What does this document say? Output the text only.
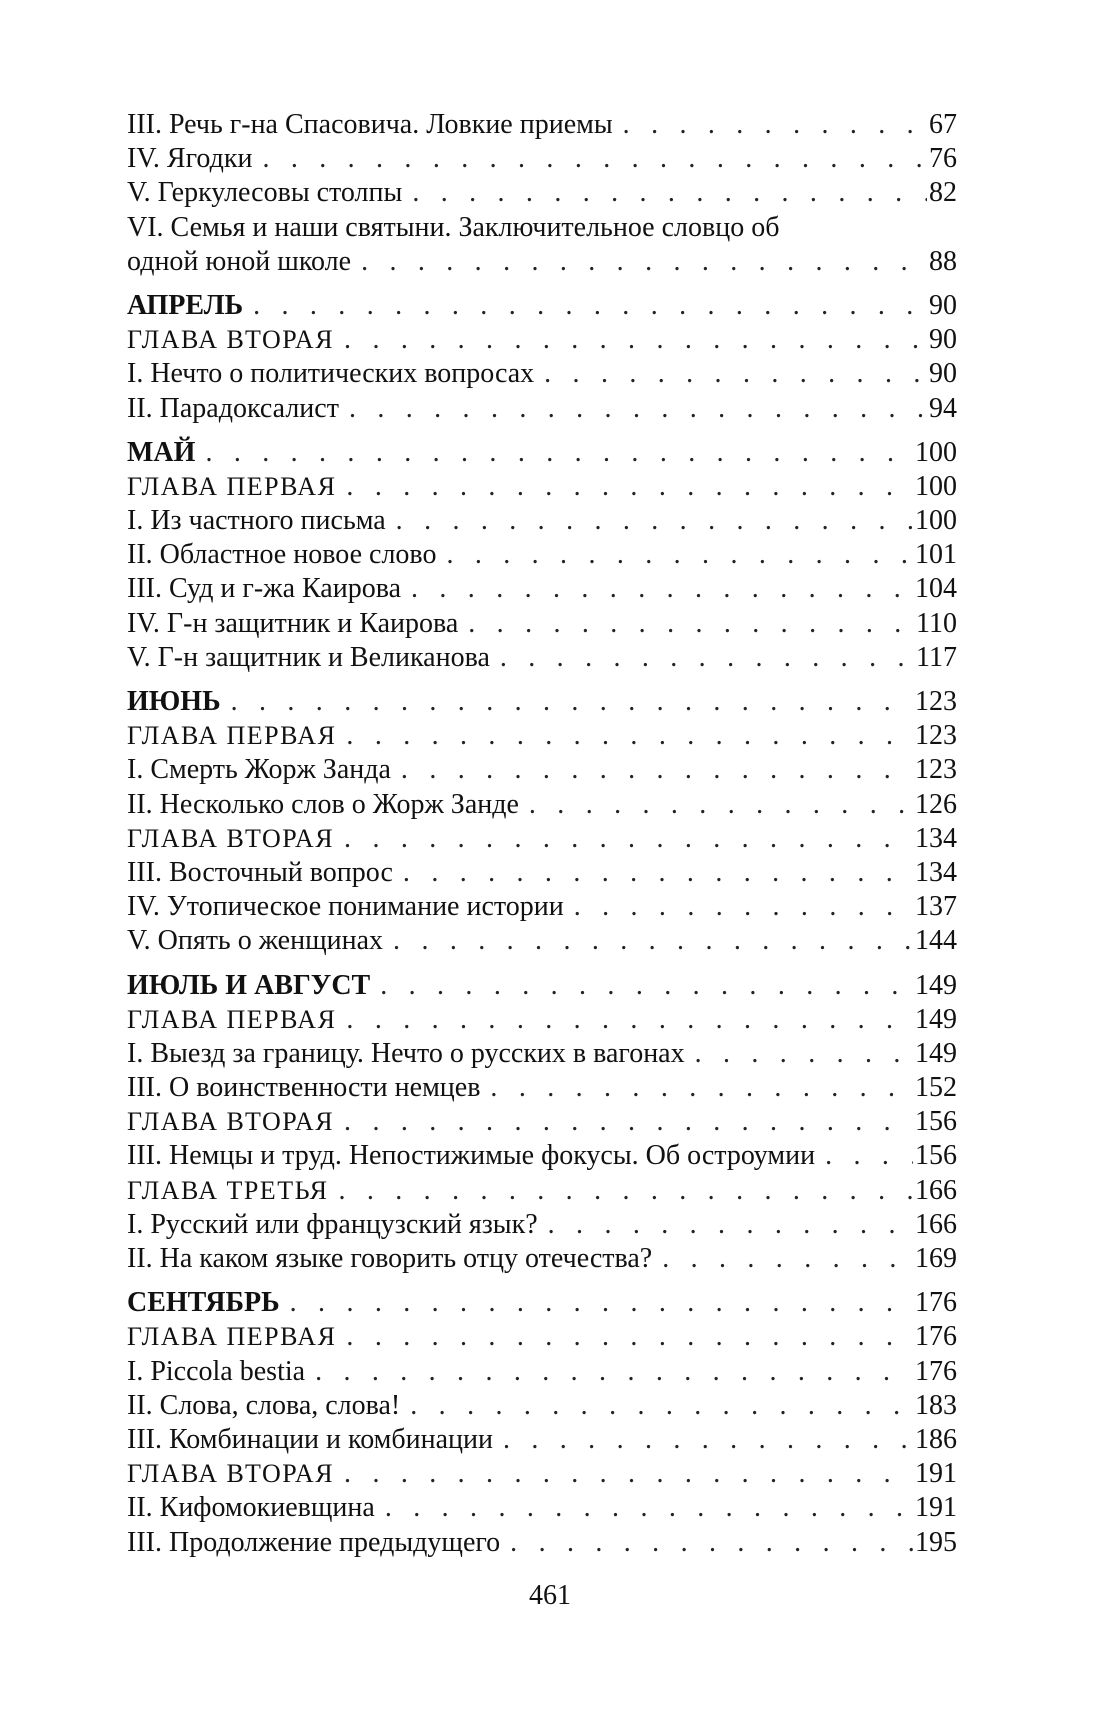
III. Речь г-на Спасовича. Ловкие приемы . . .	67
IV. Ягодки . . .	76
V. Геркулесовы столпы . . .	82
VI. Семья и наши святыни. Заключительное словцо об
одной юной школе . . .	88
АПРЕЛЬ . . .	90
ГЛАВА ВТОРАЯ . . .	90
I. Нечто о политических вопросах . . .	90
II. Парадоксалист . . .	94
МАЙ . . .	100
ГЛАВА ПЕРВАЯ . . .	100
I. Из частного письма . . .	100
II. Областное новое слово . . .	101
III. Суд и г-жа Каирова . . .	104
IV. Г-н защитник и Каирова . . .	110
V. Г-н защитник и Великанова . . .	117
ИЮНЬ . . .	123
ГЛАВА ПЕРВАЯ . . .	123
I. Смерть Жорж Занда . . .	123
II. Несколько слов о Жорж Занде . . .	126
ГЛАВА ВТОРАЯ . . .	134
III. Восточный вопрос . . .	134
IV. Утопическое понимание истории . . .	137
V. Опять о женщинах . . .	144
ИЮЛЬ И АВГУСТ . . .	149
ГЛАВА ПЕРВАЯ . . .	149
I. Выезд за границу. Нечто о русских в вагонах . . .	149
III. О воинственности немцев . . .	152
ГЛАВА ВТОРАЯ . . .	156
III. Немцы и труд. Непостижимые фокусы. Об остроумии . . .	156
ГЛАВА ТРЕТЬЯ . . .	166
I. Русский или французский язык? . . .	166
II. На каком языке говорить отцу отечества? . . .	169
СЕНТЯБРЬ . . .	176
ГЛАВА ПЕРВАЯ . . .	176
I. Piccola bestia . . .	176
II. Слова, слова, слова! . . .	183
III. Комбинации и комбинации . . .	186
ГЛАВА ВТОРАЯ . . .	191
II. Кифомокиевщина . . .	191
III. Продолжение предыдущего . . .	195
461
